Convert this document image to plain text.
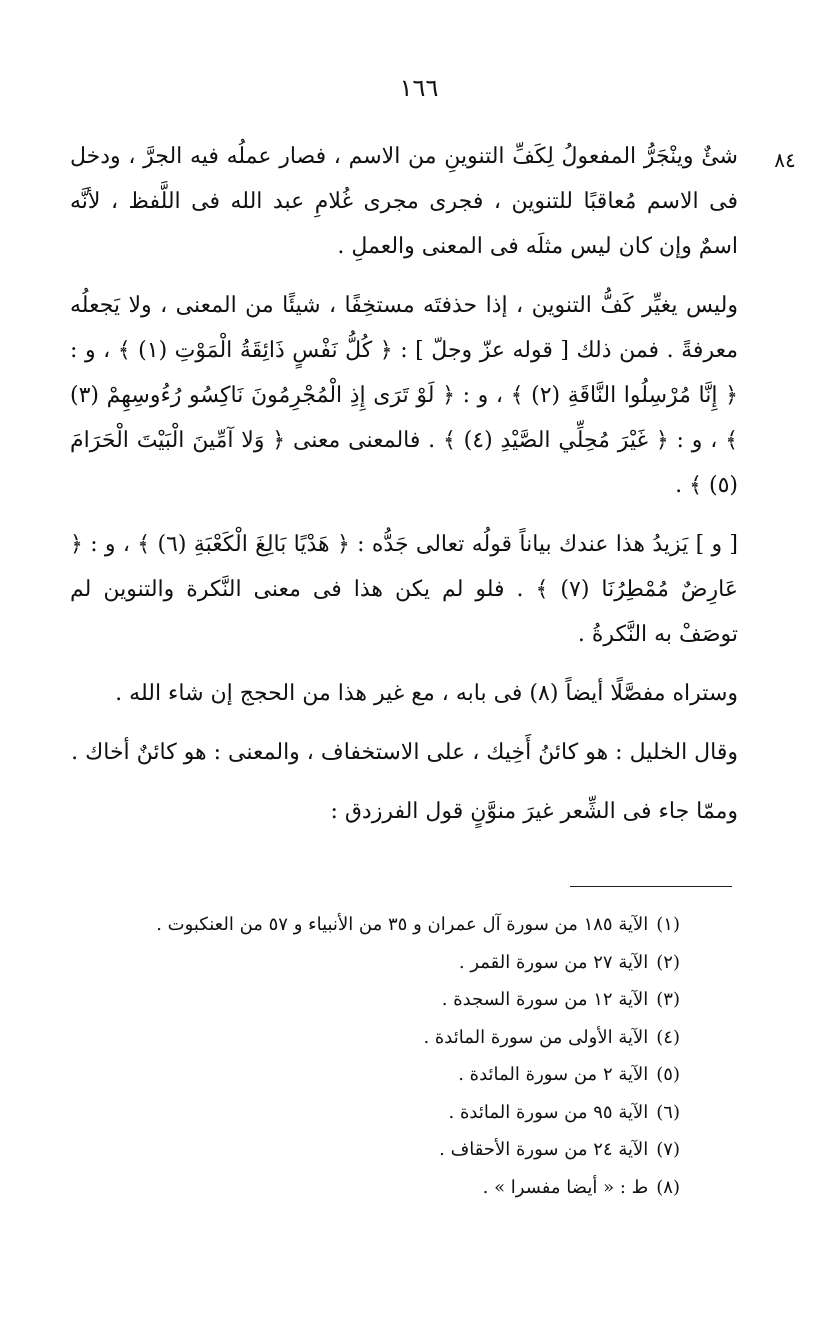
١٦٦
٨٤

شئٌ وينْجَرُّ المفعولُ لِكَفِّ التنوينِ من الاسم ، فصار عملُه فيه الجرَّ ، ودخل فى الاسم مُعاقبًا للتنوين ، فجرى مجرى غُلامِ عبد الله فى اللَّفظ ، لأنَّه اسمٌ وإن كان ليس مثلَه فى المعنى والعملِ .

وليس يغيِّر كَفُّ التنوين ، إذا حذفتَه مستخِفًا ، شيئًا من المعنى ، ولا يَجعلُه معرفةً . فمن ذلك [ قوله عزّ وجلّ ] : ﴿ كُلُّ نَفْسٍ ذَائِقَةُ الْمَوْتِ (١) ﴾ ، و : ﴿ إِنَّا مُرْسِلُوا النَّاقَةِ (٢) ﴾ ، و : ﴿ لَوْ تَرَى إِذِ الْمُجْرِمُونَ نَاكِسُو رُءُوسِهِمْ (٣) ﴾ ، و : ﴿ غَيْرَ مُحِلِّي الصَّيْدِ (٤) ﴾ . فالمعنى معنى ﴿ وَلا آمِّينَ الْبَيْتَ الْحَرَامَ (٥) ﴾ .

[ و ] يَزيدُ هذا عندك بياناً قولُه تعالى جَدُّه : ﴿ هَدْيًا بَالِغَ الْكَعْبَةِ (٦) ﴾ ، و : ﴿ عَارِضٌ مُمْطِرُنَا (٧) ﴾ . فلو لم يكن هذا فى معنى النَّكرة والتنوين لم توصَفْ به النَّكرةُ .

وستراه مفصَّلًا أيضاً (٨) فى بابه ، مع غير هذا من الحجج إن شاء الله .

وقال الخليل : هو كائنُ أَخِيك ، على الاستخفاف ، والمعنى : هو كائنٌ أخاك .

وممّا جاء فى الشِّعر غيرَ منوَّنٍ قول الفرزدق :

(١)الآية ١٨٥ من سورة آل عمران و ٣٥ من الأنبياء و ٥٧ من العنكبوت .
(٢)الآية ٢٧ من سورة القمر .
(٣)الآية ١٢ من سورة السجدة .
(٤)الآية الأولى من سورة المائدة .
(٥)الآية ٢ من سورة المائدة .
(٦)الآية ٩٥ من سورة المائدة .
(٧)الآية ٢٤ من سورة الأحقاف .
(٨)ط : « أيضا مفسرا » .
